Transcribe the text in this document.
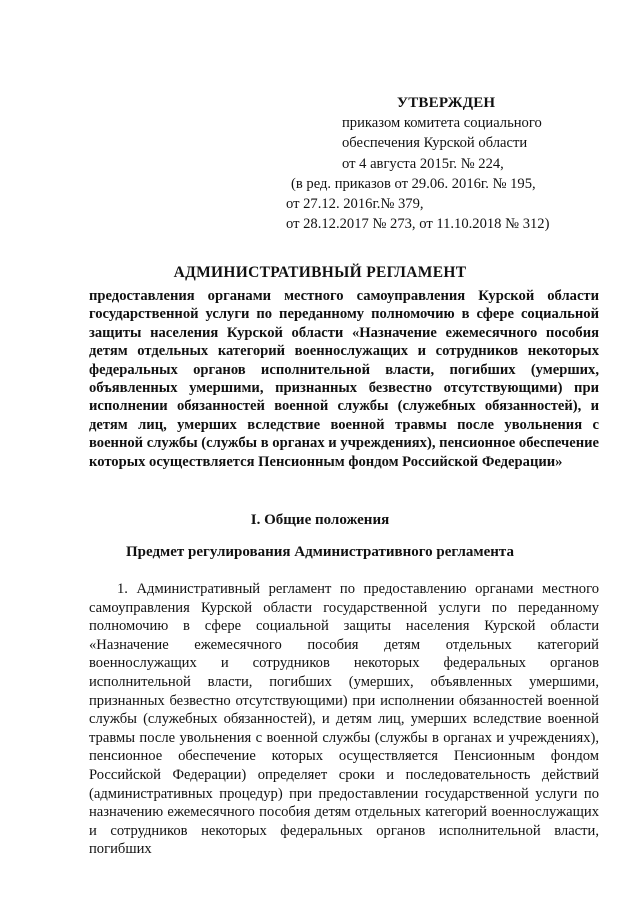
УТВЕРЖДЕН
приказом комитета социального
обеспечения Курской области
от 4 августа 2015г. № 224,
(в ред. приказов от 29.06. 2016г. № 195,
от 27.12. 2016г.№ 379,
от 28.12.2017 № 273, от 11.10.2018 № 312)
АДМИНИСТРАТИВНЫЙ РЕГЛАМЕНТ
предоставления органами местного самоуправления Курской области государственной услуги по переданному полномочию в сфере социальной защиты населения Курской области «Назначение ежемесячного пособия детям отдельных категорий военнослужащих и сотрудников некоторых федеральных органов исполнительной власти, погибших (умерших, объявленных умершими, признанных безвестно отсутствующими) при исполнении обязанностей военной службы (служебных обязанностей), и детям лиц, умерших вследствие военной травмы после увольнения с военной службы (службы в органах и учреждениях), пенсионное обеспечение которых осуществляется Пенсионным фондом Российской Федерации»
I. Общие положения
Предмет регулирования Административного регламента
1. Административный регламент по предоставлению органами местного самоуправления Курской области государственной услуги по переданному полномочию в сфере социальной защиты населения Курской области «Назначение ежемесячного пособия детям отдельных категорий военнослужащих и сотрудников некоторых федеральных органов исполнительной власти, погибших (умерших, объявленных умершими, признанных безвестно отсутствующими) при исполнении обязанностей военной службы (служебных обязанностей), и детям лиц, умерших вследствие военной травмы после увольнения с военной службы (службы в органах и учреждениях), пенсионное обеспечение которых осуществляется Пенсионным фондом Российской Федерации) определяет сроки и последовательность действий (административных процедур) при предоставлении государственной услуги по назначению ежемесячного пособия детям отдельных категорий военнослужащих и сотрудников некоторых федеральных органов исполнительной власти, погибших
